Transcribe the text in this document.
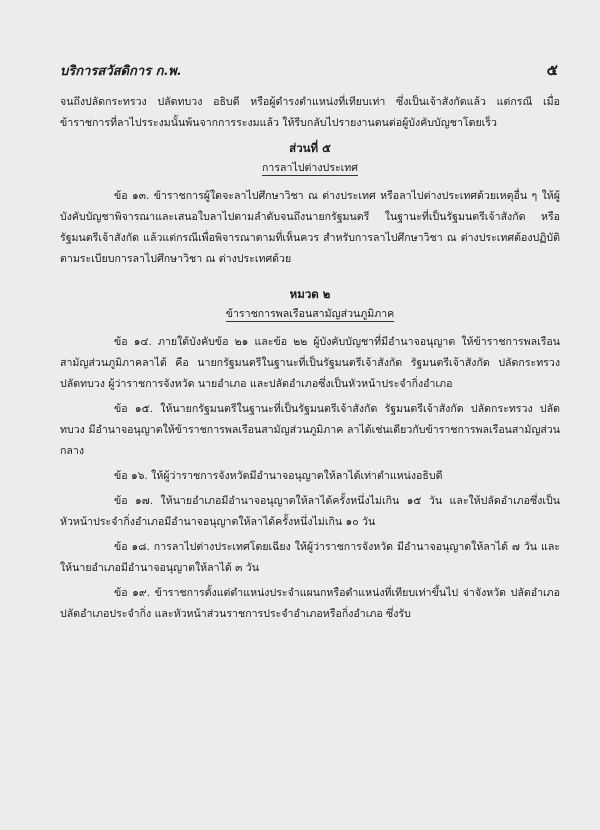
บริการสวัสดิการ ก.พ.	๕

จนถึงปลัดกระทรวง ปลัดทบวง อธิบดี หรือผู้ดำรงตำแหน่งที่เทียบเท่า ซึ่งเป็นเจ้าสังกัดแล้ว แต่กรณี เมื่อข้าราชการที่ลาไปรระงมนั้นพ้นจากการระงมแล้ว ให้รีบกลับไปรายงานตนต่อผู้บังคับบัญชาโดยเร็ว

ส่วนที่ ๕
การลาไปต่างประเทศ

ข้อ ๑๓. ข้าราชการผู้ใดจะลาไปศึกษาวิชา ณ ต่างประเทศ หรือลาไปต่างประเทศด้วยเหตุอื่น ๆ ให้ผู้บังคับบัญชาพิจารณาและเสนอใบลาไปตามลำดับจนถึงนายกรัฐมนตรี ในฐานะที่เป็นรัฐมนตรีเจ้าสังกัด หรือรัฐมนตรีเจ้าสังกัด แล้วแต่กรณีเพื่อพิจารณาตามที่เห็นควร สำหรับการลาไปศึกษาวิชา ณ ต่างประเทศต้องปฏิบัติตามระเบียบการลาไปศึกษาวิชา ณ ต่างประเทศด้วย

หมวด ๒
ข้าราชการพลเรือนสามัญส่วนภูมิภาค

ข้อ ๑๔. ภายใต้บังคับข้อ ๒๑ และข้อ ๒๒ ผู้บังคับบัญชาที่มีอำนาจอนุญาต ให้ข้าราชการพลเรือนสามัญส่วนภูมิภาคลาได้ คือ นายกรัฐมนตรีในฐานะที่เป็นรัฐมนตรีเจ้าสังกัด รัฐมนตรีเจ้าสังกัด ปลัดกระทรวง ปลัดทบวง ผู้ว่าราชการจังหวัด นายอำเภอ และปลัดอำเภอซึ่งเป็นหัวหน้าประจำกิ่งอำเภอ

ข้อ ๑๕. ให้นายกรัฐมนตรีในฐานะที่เป็นรัฐมนตรีเจ้าสังกัด รัฐมนตรีเจ้าสังกัด ปลัดกระทรวง ปลัดทบวง มีอำนาจอนุญาตให้ข้าราชการพลเรือนสามัญส่วนภูมิภาค ลาได้เช่นเดียวกับข้าราชการพลเรือนสามัญส่วนกลาง

ข้อ ๑๖. ให้ผู้ว่าราชการจังหวัดมีอำนาจอนุญาตให้ลาได้เท่าตำแหน่งอธิบดี

ข้อ ๑๗. ให้นายอำเภอมีอำนาจอนุญาตให้ลาได้ครั้งหนึ่งไม่เกิน ๑๕ วัน และให้ปลัดอำเภอซึ่งเป็นหัวหน้าประจำกิ่งอำเภอมีอำนาจอนุญาตให้ลาได้ครั้งหนึ่งไม่เกิน ๑๐ วัน

ข้อ ๑๘. การลาไปต่างประเทศโดยเฉียง ให้ผู้ว่าราชการจังหวัด มีอำนาจอนุญาตให้ลาได้ ๗ วัน และให้นายอำเภอมีอำนาจอนุญาตให้ลาได้ ๓ วัน

ข้อ ๑๙. ข้าราชการตั้งแต่ตำแหน่งประจำแผนกหรือตำแหน่งที่เทียบเท่าขึ้นไป จ่าจังหวัด ปลัดอำเภอ ปลัดอำเภอประจำกิ่ง และหัวหน้าส่วนราชการประจำอำเภอหรือกิ่งอำเภอ ซึ่งรับ
